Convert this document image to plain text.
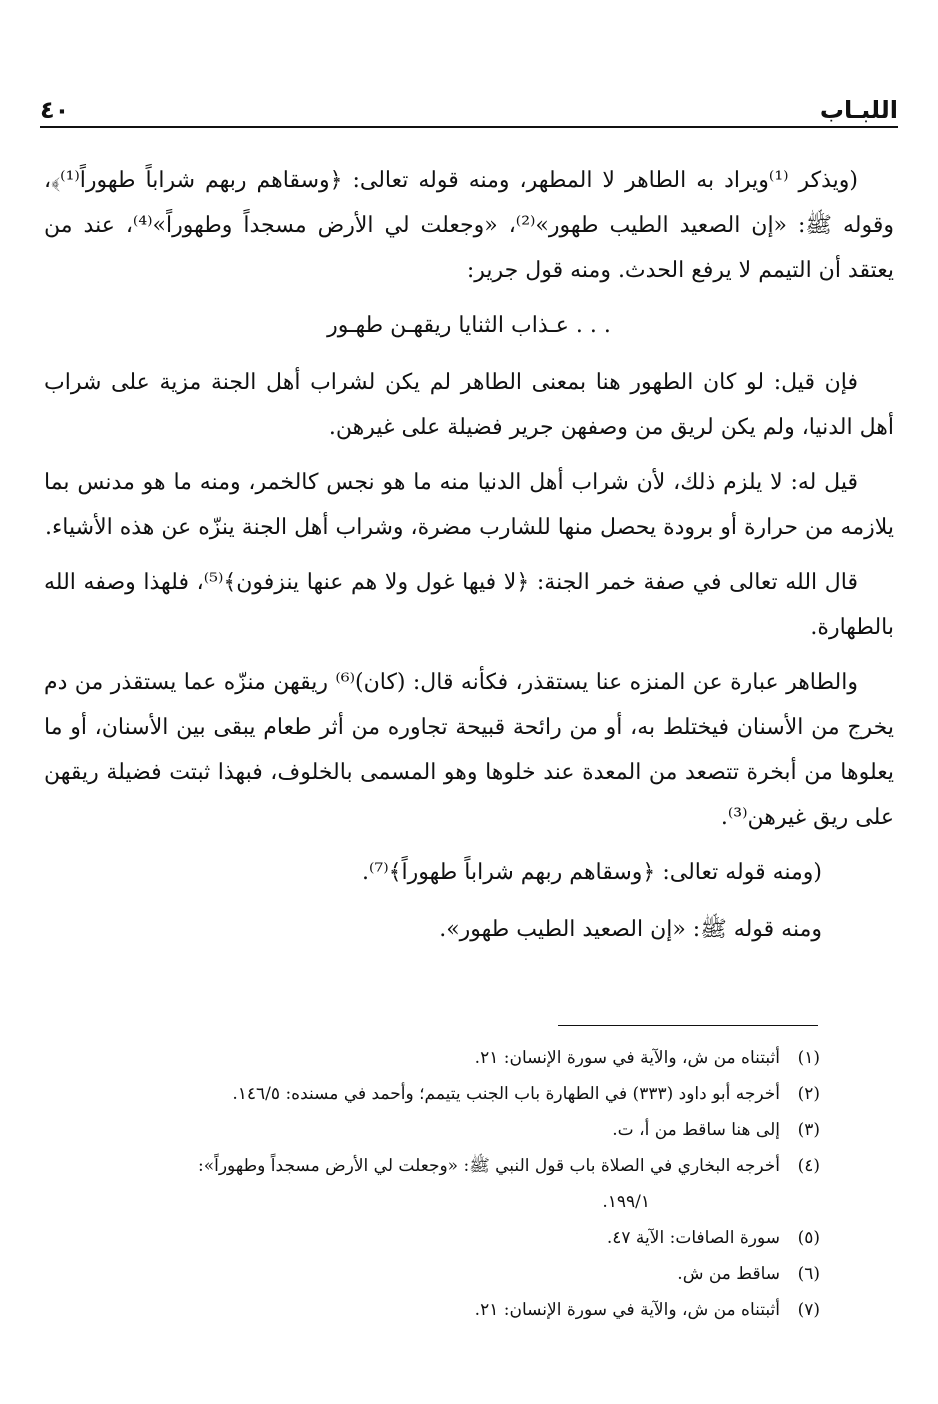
٤٠	اللبـاب

(ويذكر ⁽¹⁾ويراد به الطاهر لا المطهر، ومنه قوله تعالى: ﴿وسقاهم ربهم شراباً طهوراً⁽¹⁾﴾، وقوله ﷺ: «إن الصعيد الطيب طهور»⁽²⁾، «وجعلت لي الأرض مسجداً وطهوراً»⁽⁴⁾، عند من يعتقد أن التيمم لا يرفع الحدث. ومنه قول جرير:

. . . عـذاب الثنايا ريقهـن طهـور

فإن قيل: لو كان الطهور هنا بمعنى الطاهر لم يكن لشراب أهل الجنة مزية على شراب أهل الدنيا، ولم يكن لريق من وصفهن جرير فضيلة على غيرهن.

قيل له: لا يلزم ذلك، لأن شراب أهل الدنيا منه ما هو نجس كالخمر، ومنه ما هو مدنس بما يلازمه من حرارة أو برودة يحصل منها للشارب مضرة، وشراب أهل الجنة ينزّه عن هذه الأشياء.

قال الله تعالى في صفة خمر الجنة: ﴿لا فيها غول ولا هم عنها ينزفون﴾⁽⁵⁾، فلهذا وصفه الله بالطهارة.

والطاهر عبارة عن المنزه عنا يستقذر، فكأنه قال: (كان)⁽⁶⁾ ريقهن منزّه عما يستقذر من دم يخرج من الأسنان فيختلط به، أو من رائحة قبيحة تجاوره من أثر طعام يبقى بين الأسنان، أو ما يعلوها من أبخرة تتصعد من المعدة عند خلوها وهو المسمى بالخلوف، فبهذا ثبتت فضيلة ريقهن على ريق غيرهن⁽³⁾.

(ومنه قوله تعالى: ﴿وسقاهم ربهم شراباً طهوراً﴾⁽⁷⁾.

ومنه قوله ﷺ: «إن الصعيد الطيب طهور».

(١)
أثبتناه من ش، والآية في سورة الإنسان: ٢١.
(٢)
أخرجه أبو داود (٣٣٣) في الطهارة باب الجنب يتيمم؛ وأحمد في مسنده: ١٤٦/٥.
(٣)
إلى هنا ساقط من أ، ت.
(٤)
أخرجه البخاري في الصلاة باب قول النبي ﷺ: «وجعلت لي الأرض مسجداً وطهوراً»:
١٩٩/١.
(٥)
سورة الصافات: الآية ٤٧.
(٦)
ساقط من ش.
(٧)
أثبتناه من ش، والآية في سورة الإنسان: ٢١.
